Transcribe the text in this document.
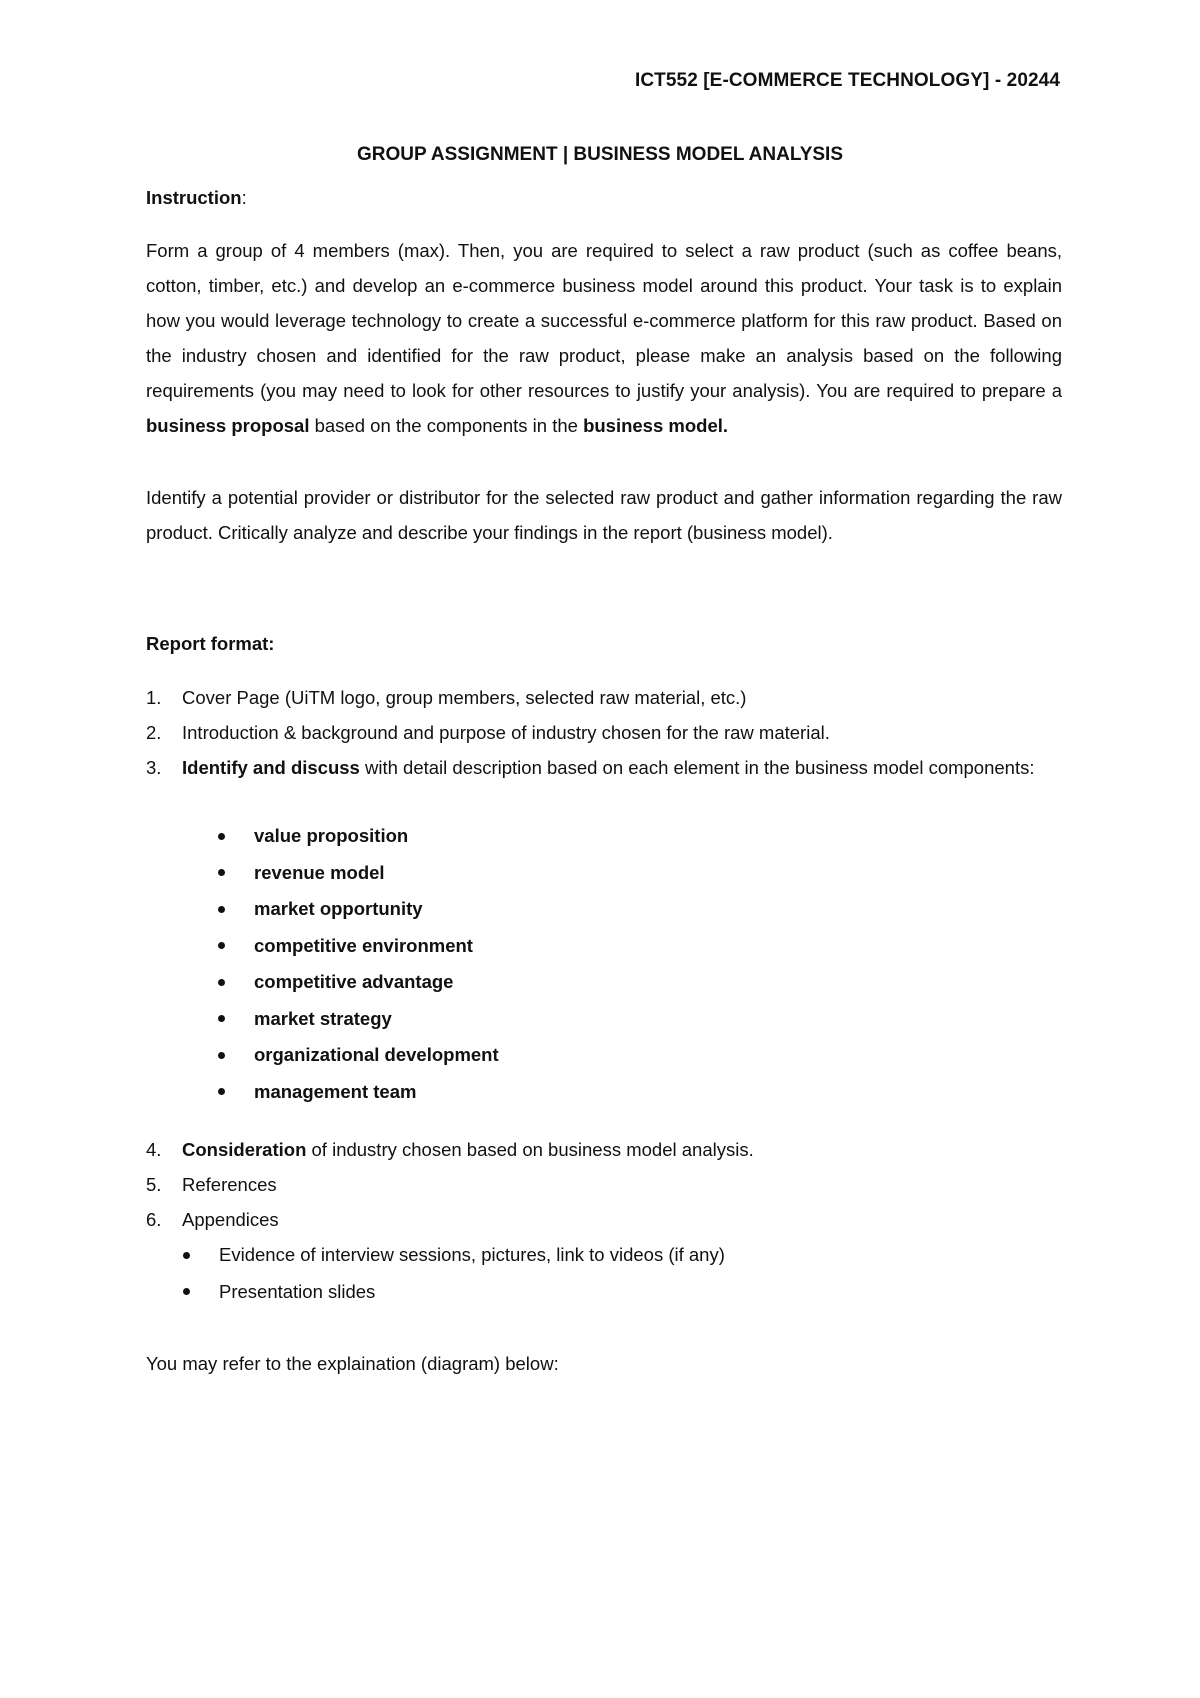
ICT552 [E-COMMERCE TECHNOLOGY] - 20244
GROUP ASSIGNMENT | BUSINESS MODEL ANALYSIS

Instruction:

Form a group of 4 members (max). Then, you are required to select a raw product (such as coffee beans, cotton, timber, etc.) and develop an e-commerce business model around this product. Your task is to explain how you would leverage technology to create a successful e-commerce platform for this raw product. Based on the industry chosen and identified for the raw product, please make an analysis based on the following requirements (you may need to look for other resources to justify your analysis). You are required to prepare a business proposal based on the components in the business model.

Identify a potential provider or distributor for the selected raw product and gather information regarding the raw product. Critically analyze and describe your findings in the report (business model).

Report format:

1.	Cover Page (UiTM logo, group members, selected raw material, etc.)
2.	Introduction & background and purpose of industry chosen for the raw material.
3.	Identify and discuss with detail description based on each element in the business model components:
value proposition
revenue model
market opportunity
competitive environment
competitive advantage
market strategy
organizational development
management team
4.	Consideration of industry chosen based on business model analysis.
5.	References
6.	Appendices
Evidence of interview sessions, pictures, link to videos (if any)
Presentation slides

You may refer to the explaination (diagram) below:
